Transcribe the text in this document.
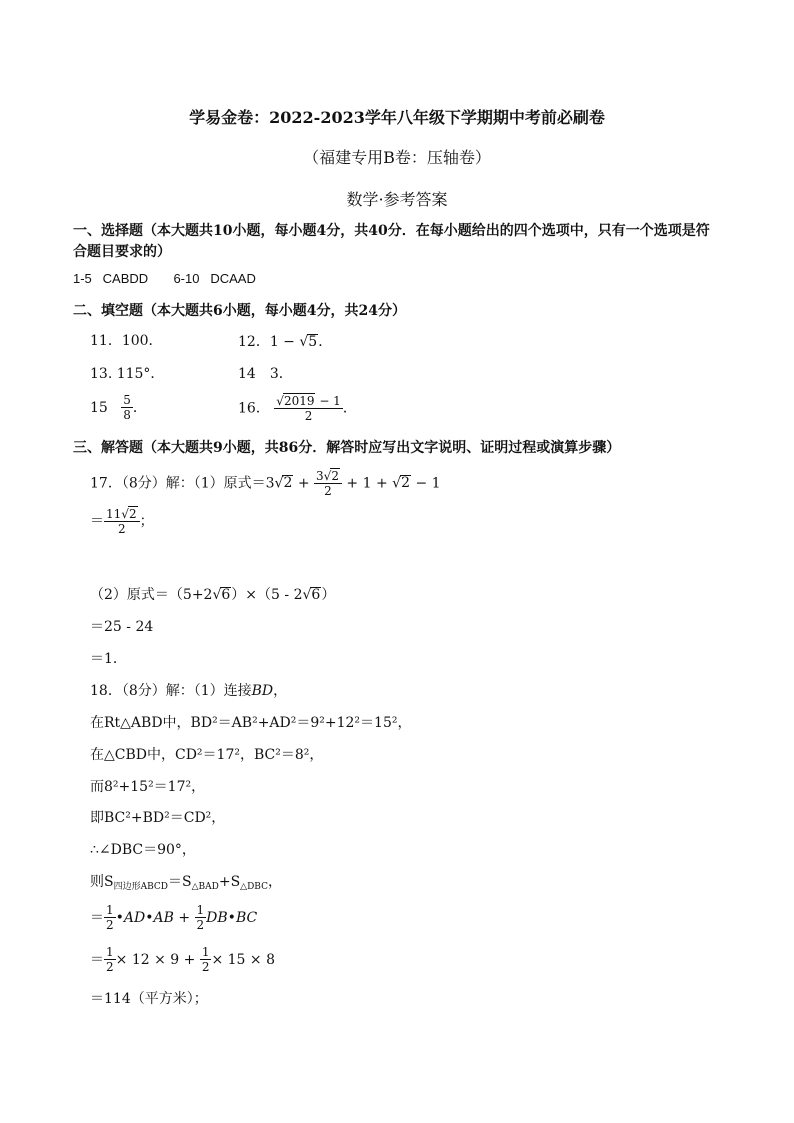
学易金卷：2022-2023学年八年级下学期期中考前必刷卷
（福建专用B卷：压轴卷）
数学·参考答案
一、选择题（本大题共10小题，每小题4分，共40分．在每小题给出的四个选项中，只有一个选项是符
合题目要求的）
1-5 CABDD 6-10 DCAAD
二、填空题（本大题共6小题，每小题4分，共24分）
11．100．	12．1 − √5．
13. 115°．	14　3．
$15 \frac{5}{8}$ ．	16． $\frac{√2019 - 1}{2}$ ．
三、解答题（本大题共9小题，共86分．解答时应写出文字说明、证明过程或演算步骤）
17．（8分）解：（1）原式$=3√2 + \frac{3√2}{2} + 1 + √2 - 1$
＝ $\frac{11√2}{2}$ ；
（2）原式＝（5+2√6）×（5 - 2√6）
＝25 - 24
＝1．
18．（8分）解：（1）连接BD，
在Rt△ABD中，BD²＝AB²+AD²＝9²+12²＝15²，
在△CBD中，CD²＝17²，BC²＝8²，
而8²+15²＝17²，
即BC²+BD²＝CD²，
∴∠DBC＝90°，
则$S_{四边形ABCD}=S_{\triangle BAD}+S_{\triangle DBC}$，
＝ $\frac{1}{2}$ •AD•AB + $\frac{1}{2}$ DB•BC
＝ $\frac{1}{2} \times 12 \times 9 + \frac{1}{2} \times 15 \times 8$
＝114（平方米）；
